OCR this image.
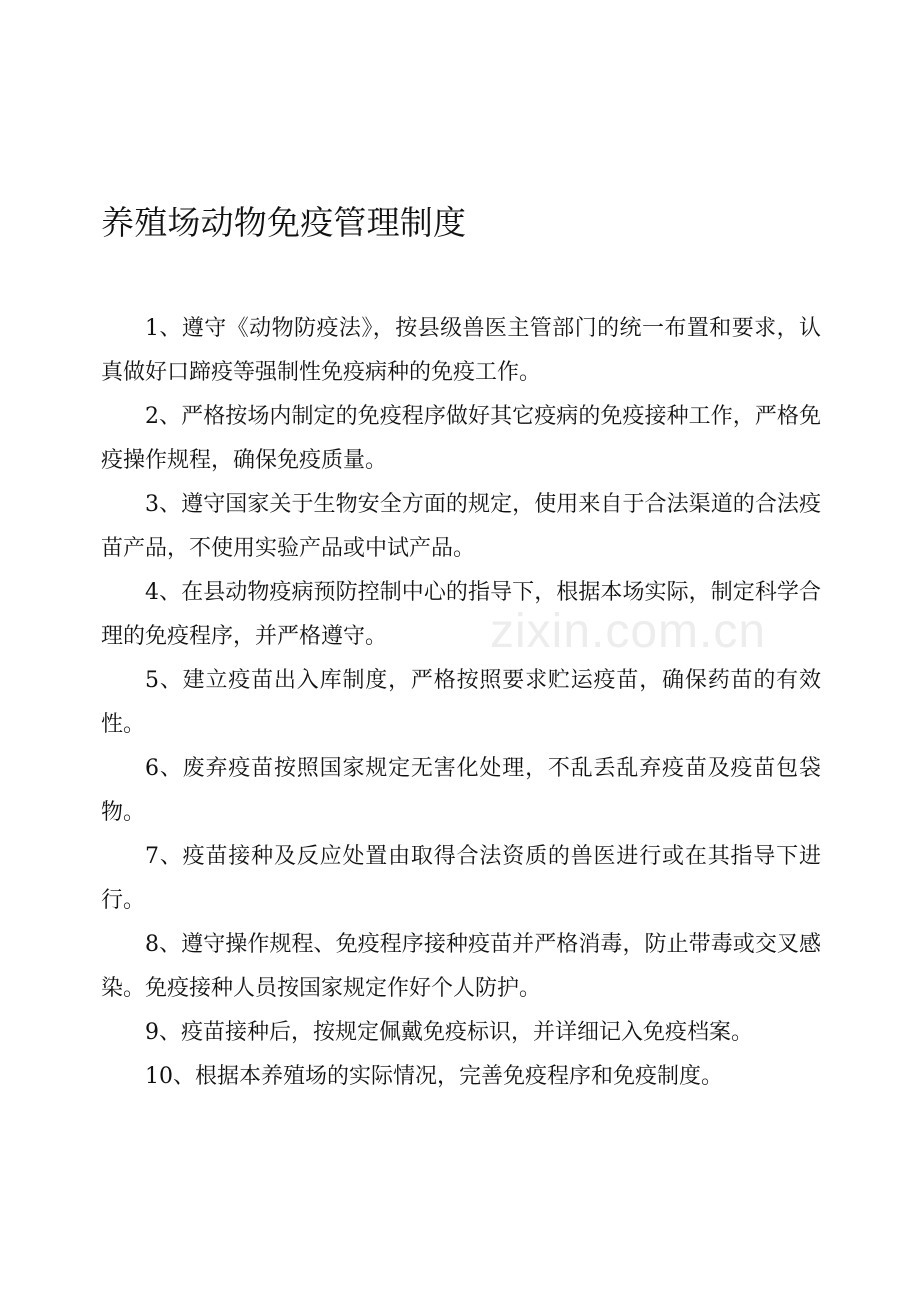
养殖场动物免疫管理制度

1、遵守《动物防疫法》，按县级兽医主管部门的统一布置和要求，认真做好口蹄疫等强制性免疫病种的免疫工作。

2、严格按场内制定的免疫程序做好其它疫病的免疫接种工作，严格免疫操作规程，确保免疫质量。

3、遵守国家关于生物安全方面的规定，使用来自于合法渠道的合法疫苗产品，不使用实验产品或中试产品。

4、在县动物疫病预防控制中心的指导下，根据本场实际，制定科学合理的免疫程序，并严格遵守。

5、建立疫苗出入库制度，严格按照要求贮运疫苗，确保药苗的有效性。

6、废弃疫苗按照国家规定无害化处理，不乱丢乱弃疫苗及疫苗包袋物。

7、疫苗接种及反应处置由取得合法资质的兽医进行或在其指导下进行。

8、遵守操作规程、免疫程序接种疫苗并严格消毒，防止带毒或交叉感染。免疫接种人员按国家规定作好个人防护。

9、疫苗接种后，按规定佩戴免疫标识，并详细记入免疫档案。

10、根据本养殖场的实际情况，完善免疫程序和免疫制度。

zixin.com.cn
